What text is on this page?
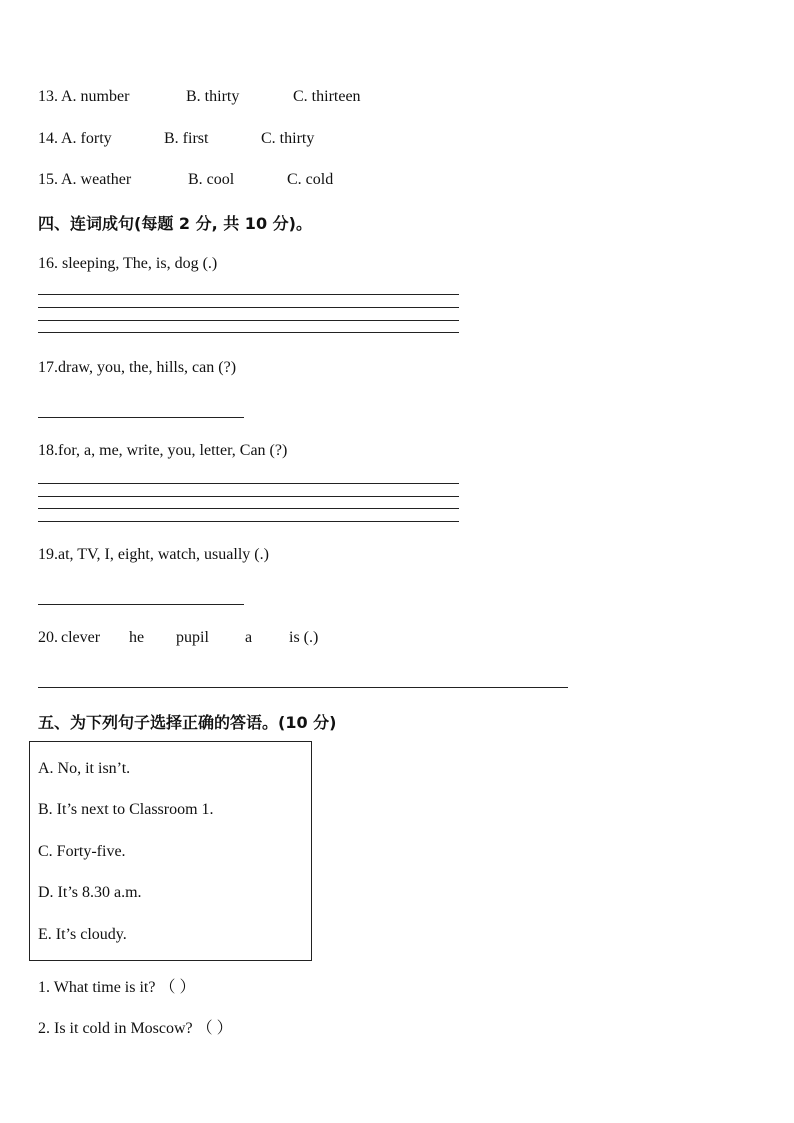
13. A. number	B. thirty	C. thirteen
14. A. forty	B. first	C. thirty
15. A. weather	B. cool	C. cold
四、连词成句(每题 2 分, 共 10 分)。
16. sleeping, The, is, dog (.)
17.draw, you, the, hills, can (?)
18.for, a, me, write, you, letter, Can (?)
19.at, TV, I, eight, watch, usually (.)
20. clever he pupil a is (.)
五、为下列句子选择正确的答语。(10 分)
A. No, it isn’t.
B. It’s next to Classroom 1.
C. Forty-five.
D. It’s 8.30 a.m.
E. It’s cloudy.
1. What time is it? （ ）
2. Is it cold in Moscow? （ ）
